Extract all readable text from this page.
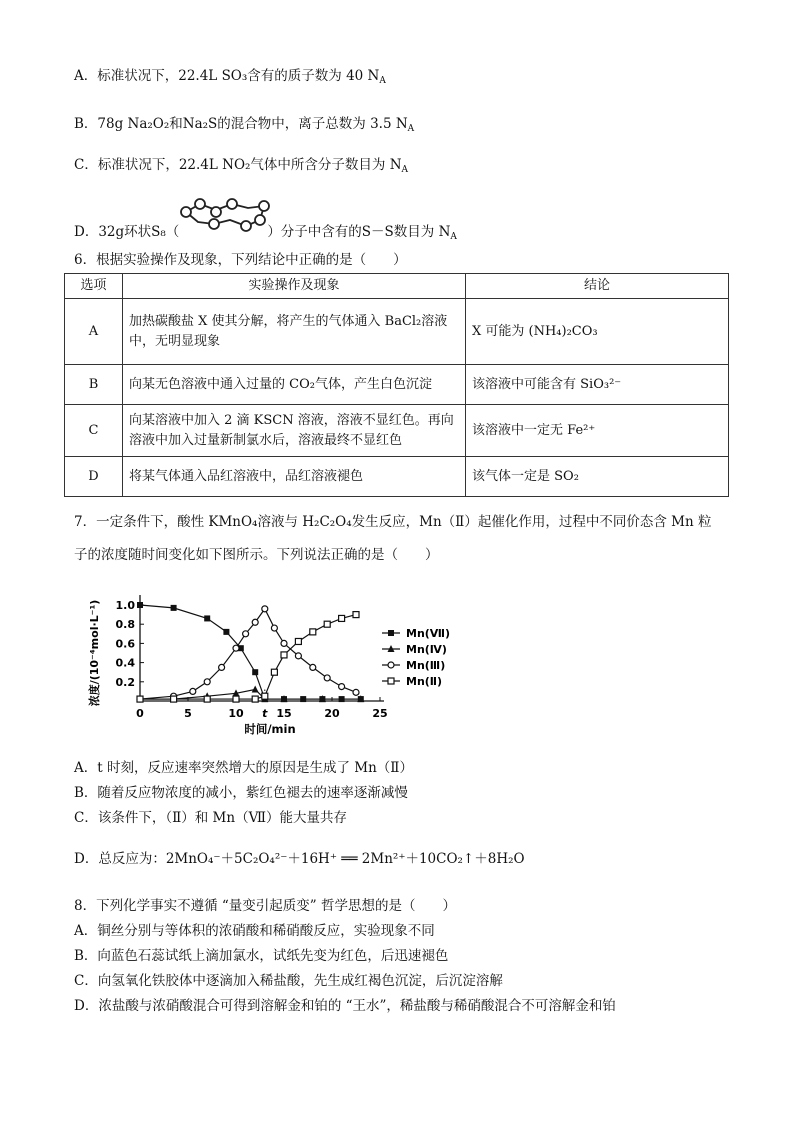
A．标准状况下，22.4L SO₃含有的质子数为 40 $N_A$
B．78g Na₂O₂和Na₂S的混合物中，离子总数为 3.5 $N_A$
C．标准状况下，22.4L NO₂气体中所含分子数目为 $N_A$
D．32g环状S₈（	）分子中含有的S－S数目为 $N_A$
6．根据实验操作及现象，下列结论中正确的是（　　）
选项	实验操作及现象	结论
A	加热碳酸盐 X 使其分解，将产生的气体通入 BaCl₂溶液中，无明显现象	X 可能为 (NH₄)₂CO₃
B	向某无色溶液中通入过量的 CO₂气体，产生白色沉淀	该溶液中可能含有 SiO₃²⁻
C	向某溶液中加入 2 滴 KSCN 溶液，溶液不显红色。再向溶液中加入过量新制氯水后，溶液最终不显红色	该溶液中一定无 Fe²⁺
D	将某气体通入品红溶液中，品红溶液褪色	该气体一定是 SO₂
7．一定条件下，酸性 KMnO₄溶液与 H₂C₂O₄发生反应，Mn（Ⅱ）起催化作用，过程中不同价态含 Mn 粒
子的浓度随时间变化如下图所示。下列说法正确的是（　　）
0.2
0.4
0.6
0.8
1.0
0	5	10 t 15	20	25
时间/min
浓度/(10⁻⁴mol·L⁻¹)	Mn(Ⅶ)
Mn(Ⅳ)
Mn(Ⅲ)
Mn(Ⅱ)
A．t 时刻，反应速率突然增大的原因是生成了 Mn（Ⅱ）
B．随着反应物浓度的减小，紫红色褪去的速率逐渐减慢
C．该条件下，（Ⅱ）和 Mn（Ⅶ）能大量共存
D．总反应为：2MnO₄⁻＋5C₂O₄²⁻＋16H⁺ ══ 2Mn²⁺＋10CO₂↑＋8H₂O
8．下列化学事实不遵循 “量变引起质变” 哲学思想的是（　　）
A．铜丝分别与等体积的浓硝酸和稀硝酸反应，实验现象不同
B．向蓝色石蕊试纸上滴加氯水，试纸先变为红色，后迅速褪色
C．向氢氧化铁胶体中逐滴加入稀盐酸，先生成红褐色沉淀，后沉淀溶解
D．浓盐酸与浓硝酸混合可得到溶解金和铂的 “王水”，稀盐酸与稀硝酸混合不可溶解金和铂
